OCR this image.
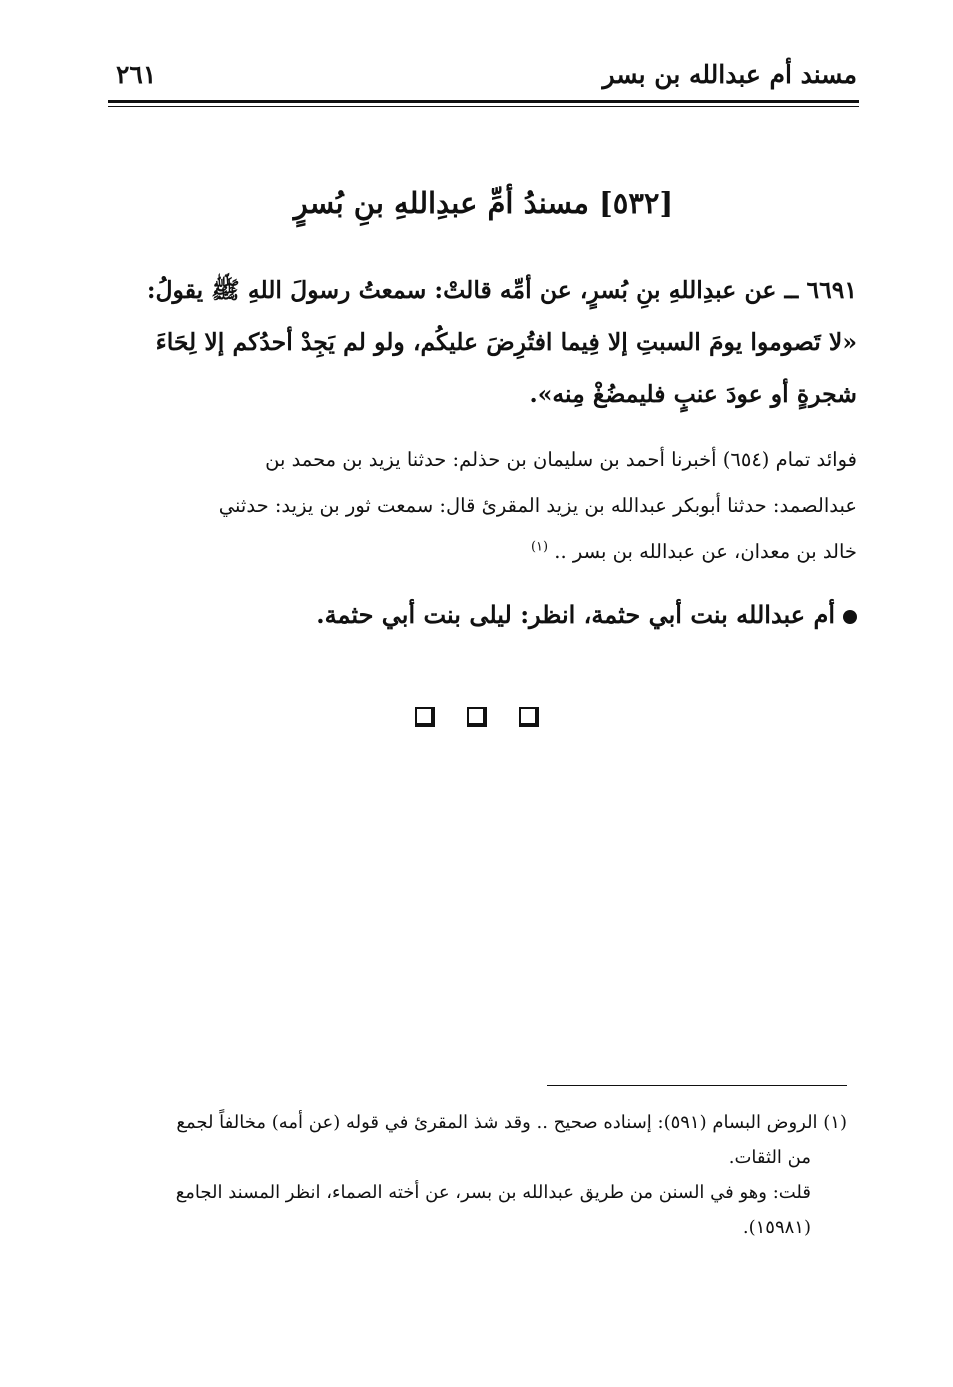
مسند أم عبدالله بن بسر
٢٦١
[٥٣٢] مسندُ أمِّ عبدِاللهِ بنِ بُسرٍ

٦٦٩١ ــ عن عبدِاللهِ بنِ بُسرٍ، عن أمِّه قالتْ: سمعتُ رسولَ اللهِ ﷺ يقولُ:

«لا تَصوموا يومَ السبتِ إلا فِيما افتُرِضَ عليكُم، ولو لم يَجِدْ أحدُكم إلا لِحَاءَ

شجرةٍ أو عودَ عنبٍ فليمضُغْ مِنه».

فوائد تمام (٦٥٤) أخبرنا أحمد بن سليمان بن حذلم: حدثنا يزيد بن محمد بن

عبدالصمد: حدثنا أبوبكر عبدالله بن يزيد المقرئ قال: سمعت ثور بن يزيد: حدثني

خالد بن معدان، عن عبدالله بن بسر .. $^{(١)}$

أم عبدالله بنت أبي حثمة، انظر: ليلى بنت أبي حثمة.

(١) الروض البسام (٥٩١): إسناده صحيح .. وقد شذ المقرئ في قوله (عن أمه) مخالفاً لجمع

من الثقات.

قلت: وهو في السنن من طريق عبدالله بن بسر، عن أخته الصماء، انظر المسند الجامع

(١٥٩٨١).
